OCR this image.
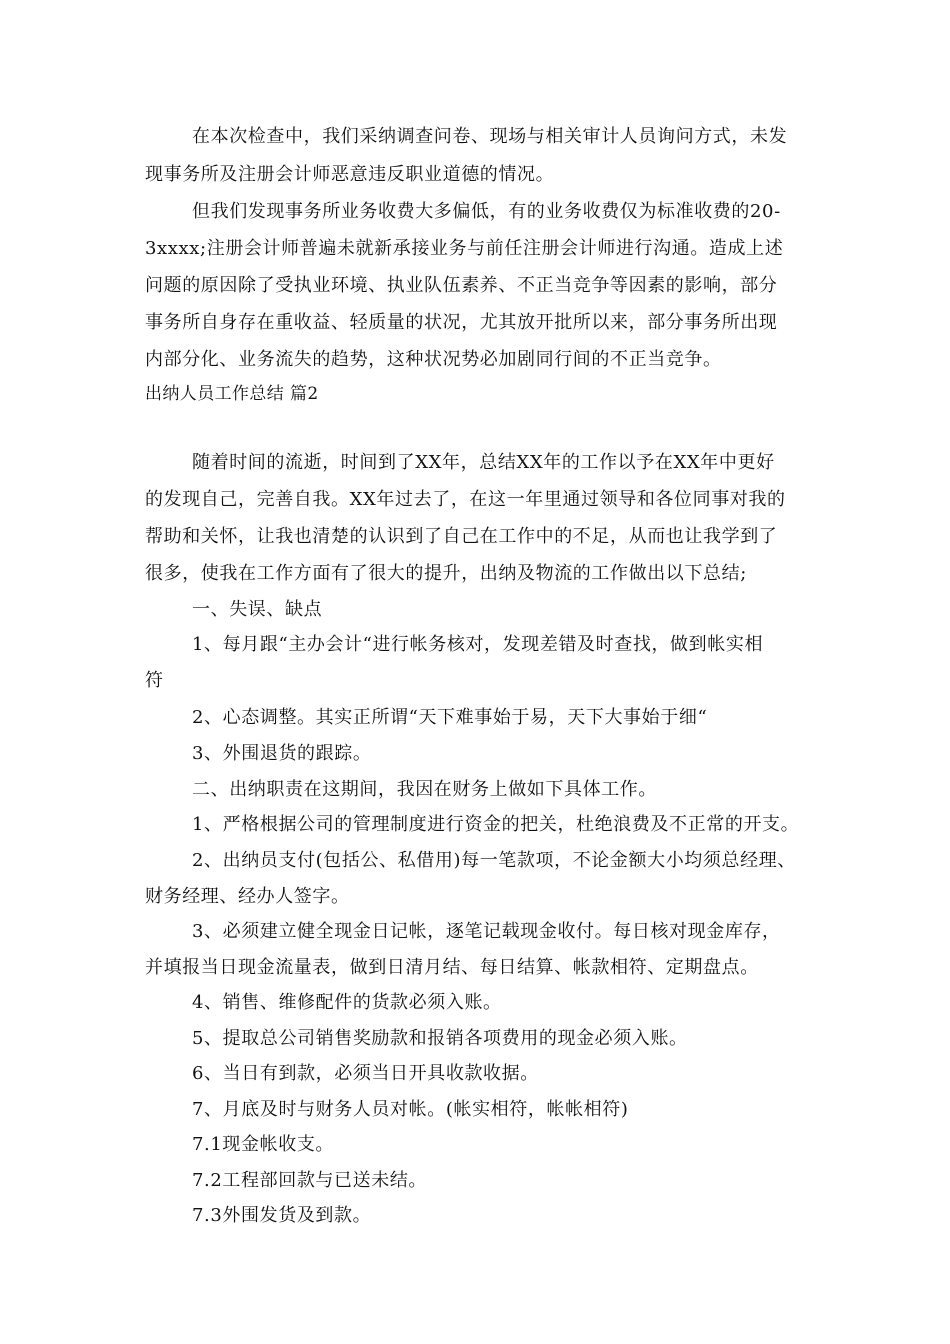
在本次检查中，我们采纳调查问卷、现场与相关审计人员询问方式，未发
现事务所及注册会计师恶意违反职业道德的情况。
但我们发现事务所业务收费大多偏低，有的业务收费仅为标准收费的20-
3xxxx;注册会计师普遍未就新承接业务与前任注册会计师进行沟通。造成上述
问题的原因除了受执业环境、执业队伍素养、不正当竞争等因素的影响，部分
事务所自身存在重收益、轻质量的状况，尤其放开批所以来，部分事务所出现
内部分化、业务流失的趋势，这种状况势必加剧同行间的不正当竞争。
出纳人员工作总结 篇2
随着时间的流逝，时间到了XX年，总结XX年的工作以予在XX年中更好
的发现自己，完善自我。XX年过去了，在这一年里通过领导和各位同事对我的
帮助和关怀，让我也清楚的认识到了自己在工作中的不足，从而也让我学到了
很多，使我在工作方面有了很大的提升，出纳及物流的工作做出以下总结;
一、失误、缺点
1、每月跟“主办会计“进行帐务核对，发现差错及时查找，做到帐实相
符
2、心态调整。其实正所谓“天下难事始于易，天下大事始于细“
3、外围退货的跟踪。
二、出纳职责在这期间，我因在财务上做如下具体工作。
1、严格根据公司的管理制度进行资金的把关，杜绝浪费及不正常的开支。
2、出纳员支付(包括公、私借用)每一笔款项，不论金额大小均须总经理、
财务经理、经办人签字。
3、必须建立健全现金日记帐，逐笔记载现金收付。每日核对现金库存，
并填报当日现金流量表，做到日清月结、每日结算、帐款相符、定期盘点。
4、销售、维修配件的货款必须入账。
5、提取总公司销售奖励款和报销各项费用的现金必须入账。
6、当日有到款，必须当日开具收款收据。
7、月底及时与财务人员对帐。(帐实相符，帐帐相符)
7.1现金帐收支。
7.2工程部回款与已送未结。
7.3外围发货及到款。
